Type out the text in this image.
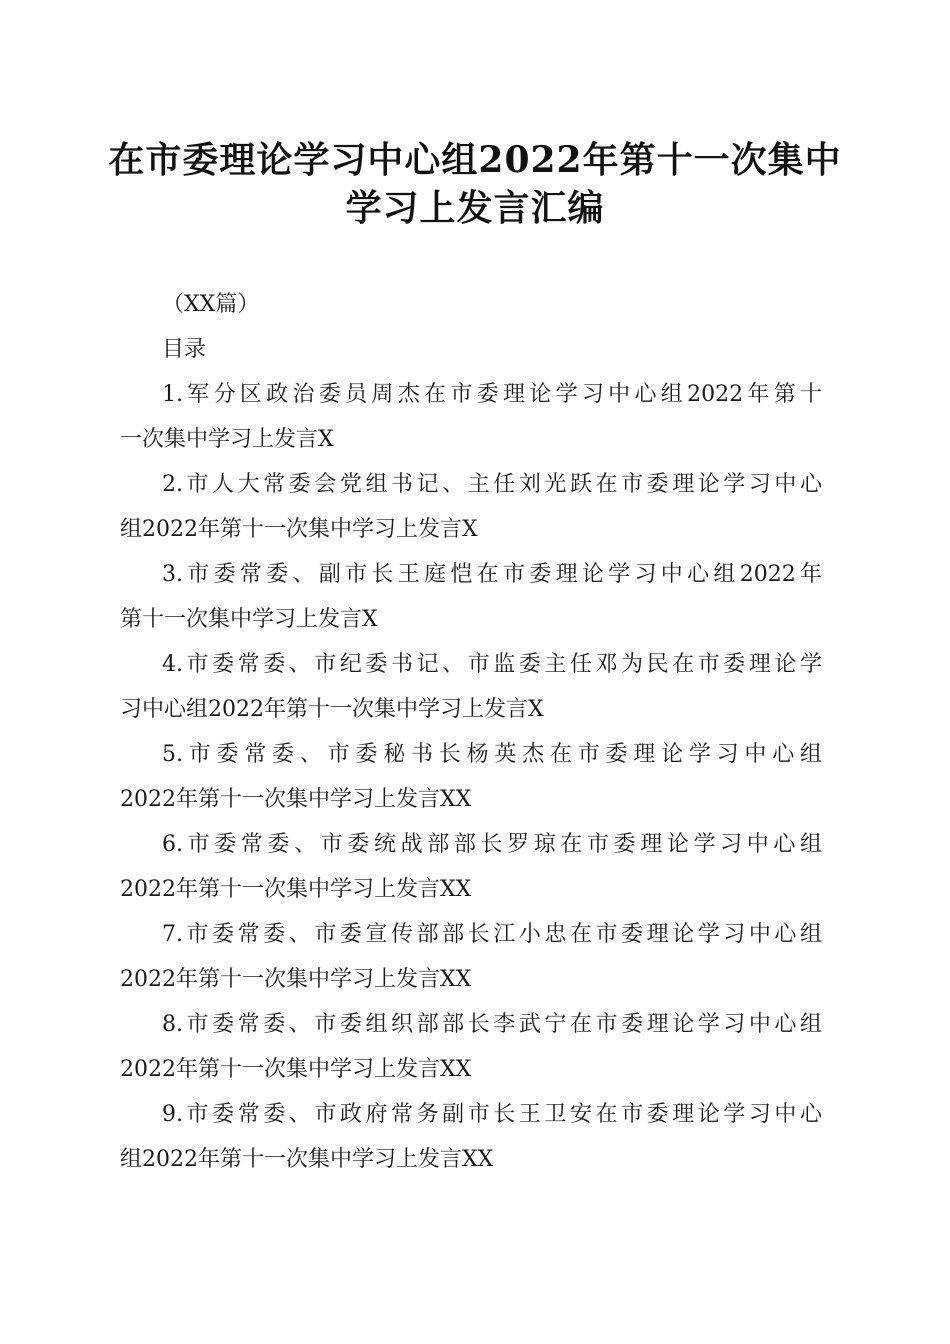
在市委理论学习中心组2022年第十一次集中
学习上发言汇编

（XX篇）

目录

1.军分区政治委员周杰在市委理论学习中心组2022年第十
一次集中学习上发言X
2.市人大常委会党组书记、主任刘光跃在市委理论学习中心
组2022年第十一次集中学习上发言X
3.市委常委、副市长王庭恺在市委理论学习中心组2022年
第十一次集中学习上发言X
4.市委常委、市纪委书记、市监委主任邓为民在市委理论学
习中心组2022年第十一次集中学习上发言X
5.市委常委、市委秘书长杨英杰在市委理论学习中心组
2022年第十一次集中学习上发言XX
6.市委常委、市委统战部部长罗琼在市委理论学习中心组
2022年第十一次集中学习上发言XX
7.市委常委、市委宣传部部长江小忠在市委理论学习中心组
2022年第十一次集中学习上发言XX
8.市委常委、市委组织部部长李武宁在市委理论学习中心组
2022年第十一次集中学习上发言XX
9.市委常委、市政府常务副市长王卫安在市委理论学习中心
组2022年第十一次集中学习上发言XX
